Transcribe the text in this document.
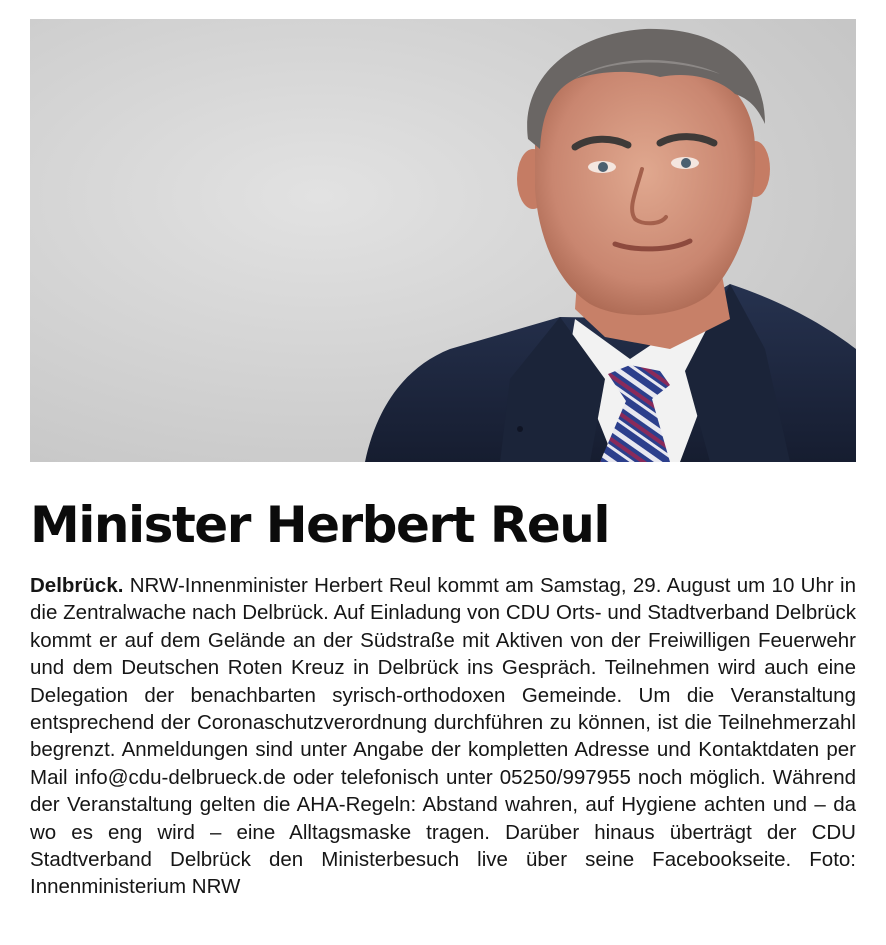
Minister Herbert Reul

Delbrück. NRW-Innenminister Herbert Reul kommt am Samstag, 29. August um 10 Uhr in die Zentralwache nach Delbrück. Auf Einladung von CDU Orts- und Stadtverband Delbrück kommt er auf dem Gelände an der Südstraße mit Aktiven von der Freiwilligen Feuerwehr und dem Deutschen Roten Kreuz in Delbrück ins Gespräch. Teilnehmen wird auch eine Delegation der benachbarten syrisch-orthodoxen Gemeinde. Um die Veranstaltung entsprechend der Coronaschutzverordnung durchführen zu können, ist die Teilnehmerzahl begrenzt. Anmeldungen sind unter Angabe der kompletten Adresse und Kontaktdaten per Mail info@cdu-delbrueck.de oder telefonisch unter 05250/997955 noch möglich. Während der Veranstaltung gelten die AHA-Regeln: Abstand wahren, auf Hygiene achten und – da wo es eng wird – eine Alltagsmaske tragen. Darüber hinaus überträgt der CDU Stadtverband Delbrück den Ministerbesuch live über seine Facebookseite. Foto: Innenministerium NRW
